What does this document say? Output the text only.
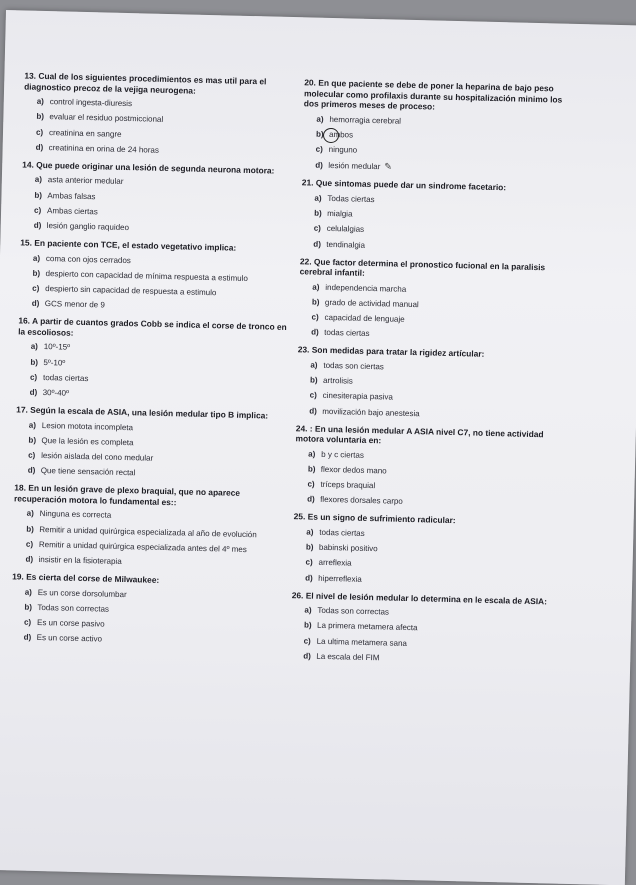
13. Cual de los siguientes procedimientos es mas util para el diagnostico precoz de la vejiga neurogena:
a) control ingesta-diuresis
b) evaluar el residuo postmiccional
c) creatinina en sangre
d) creatinina en orina de 24 horas
14. Que puede originar una lesión de segunda neurona motora:
a) asta anterior medular
b) Ambas falsas
c) Ambas ciertas
d) lesión ganglio raquideo
15. En paciente con TCE, el estado vegetativo implica:
a) coma con ojos cerrados
b) despierto con capacidad de mínima respuesta a estimulo
c) despierto sin capacidad de respuesta a estimulo
d) GCS menor de 9
16. A partir de cuantos grados Cobb se indica el corse de tronco en la escoliosos:
a) 10º-15º
b) 5º-10º
c) todas ciertas
d) 30º-40º
17. Según la escala de ASIA, una lesión medular tipo B implica:
a) Lesion motota incompleta
b) Que la lesión es completa
c) lesión aislada del cono medular
d) Que tiene sensación rectal
18. En un lesión grave de plexo braquial, que no aparece recuperación motora lo fundamental es::
a) Ninguna es correcta
b) Remitir a unidad quirúrgica especializada al año de evolución
c) Remitir a unidad quirúrgica especializada antes del 4º mes
d) insistir en la fisioterapia
19. Es cierta del corse de Milwaukee:
a) Es un corse dorsolumbar
b) Todas son correctas
c) Es un corse pasivo
d) Es un corse activo
20. En que paciente se debe de poner la heparina de bajo peso molecular como profilaxis durante su hospitalización minimo los dos primeros meses de proceso:
a) hemorragia cerebral
b) ambos
c) ninguno
d) lesión medular ✎
21. Que sintomas puede dar un sindrome facetario:
a) Todas ciertas
b) mialgia
c) celulalgias
d) tendinalgia
22. Que factor determina el pronostico fucional en la paralisis cerebral infantil:
a) independencia marcha
b) grado de actividad manual
c) capacidad de lenguaje
d) todas ciertas
23. Son medidas para tratar la rigidez artícular:
a) todas son ciertas
b) artrolisis
c) cinesiterapia pasiva
d) movilización bajo anestesia
24. : En una lesión medular A ASIA nivel C7, no tiene actividad motora voluntaria en:
a) b y c ciertas
b) flexor dedos mano
c) tríceps braquial
d) flexores dorsales carpo
25. Es un signo de sufrimiento radicular:
a) todas ciertas
b) babinski positivo
c) arreflexia
d) hiperreflexia
26. El nivel de lesión medular lo determina en le escala de ASIA:
a) Todas son correctas
b) La primera metamera afecta
c) La ultima metamera sana
d) La escala del FIM
